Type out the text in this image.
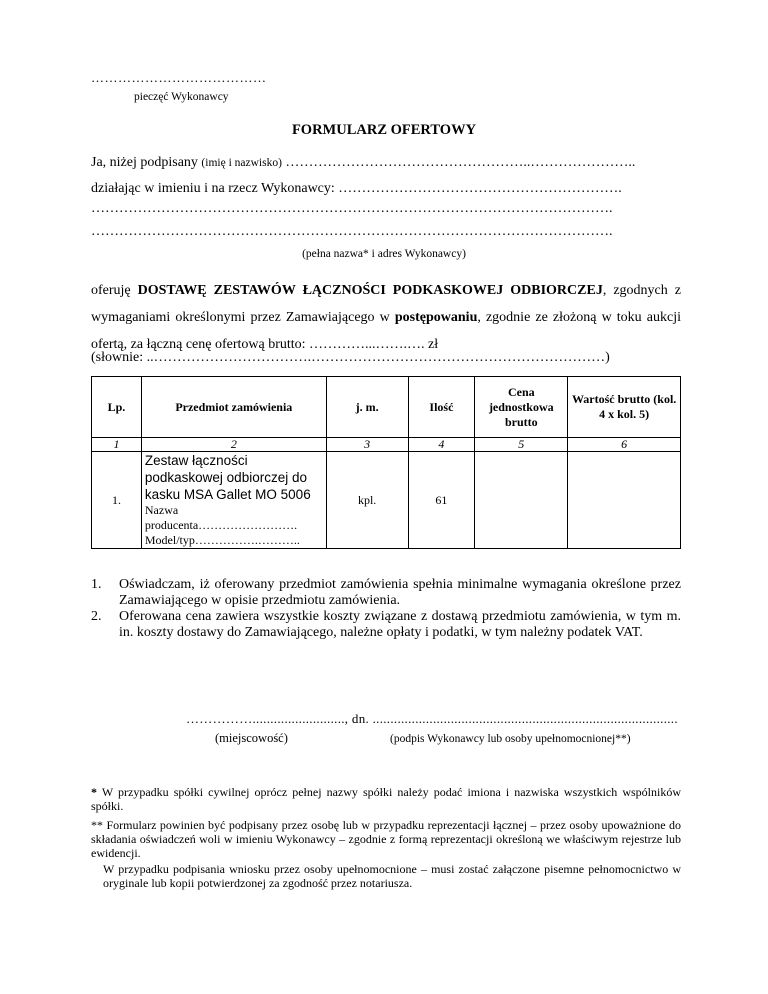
…………………………………
pieczęć Wykonawcy
FORMULARZ OFERTOWY
Ja, niżej podpisany (imię i nazwisko) ……………………………………………..…………………..
działając w imieniu i na rzecz Wykonawcy: …………………………………………………….
………………………………………………………………………………………………….
………………………………………………………………………………………………….
(pełna nazwa* i adres Wykonawcy)
oferuję DOSTAWĘ ZESTAWÓW ŁĄCZNOŚCI PODKASKOWEJ ODBIORCZEJ, zgodnych z wymaganiami określonymi przez Zamawiającego w postępowaniu, zgodnie ze złożoną w toku aukcji ofertą, za łączną cenę ofertową brutto: …………...…….…. zł
(słownie: ..…………………………….………………………………………………………)
Lp.	Przedmiot zamówienia	j. m.	Ilość	Cena jednostkowa brutto	Wartość brutto (kol. 4 x kol. 5)
1	2	3	4	5	6
1.	Zestaw łączności podkaskowej odbiorczej do kasku MSA Gallet MO 5006
Nazwa producenta…………………….
Model/typ…………….………..	kpl.	61		
1. Oświadczam, iż oferowany przedmiot zamówienia spełnia minimalne wymagania określone przez Zamawiającego w opisie przedmiotu zamówienia.
2. Oferowana cena zawiera wszystkie koszty związane z dostawą przedmiotu zamówienia, w tym m. in. koszty dostawy do Zamawiającego, należne opłaty i podatki, w tym należny podatek VAT.
…………….........................., dn. ......................................................................................
(miejscowość)	(podpis Wykonawcy lub osoby upełnomocnionej**)
* W przypadku spółki cywilnej oprócz pełnej nazwy spółki należy podać imiona i nazwiska wszystkich wspólników spółki.
** Formularz powinien być podpisany przez osobę lub w przypadku reprezentacji łącznej – przez osoby upoważnione do składania oświadczeń woli w imieniu Wykonawcy – zgodnie z formą reprezentacji określoną we właściwym rejestrze lub ewidencji.
W przypadku podpisania wniosku przez osoby upełnomocnione – musi zostać załączone pisemne pełnomocnictwo w oryginale lub kopii potwierdzonej za zgodność przez notariusza.
